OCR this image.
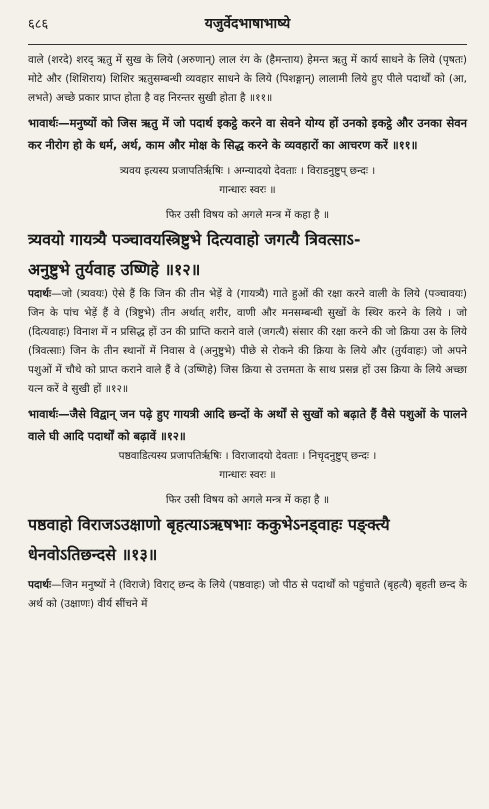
६८६	यजुर्वेदभाषाभाष्ये

वाले (शरदे) शरद् ऋतु में सुख के लिये (अरुणान्) लाल रंग के (हैमन्ताय) हेमन्त ऋतु में कार्य साधने के लिये (पृषतः) मोटे और (शिशिराय) शिशिर ऋतुसम्बन्धी व्यवहार साधने के लिये (पिशङ्गान्) लालामी लिये हुए पीले पदार्थों को (आ, लभते) अच्छे प्रकार प्राप्त होता है वह निरन्तर सुखी होता है ॥११॥

भावार्थः—मनुष्यों को जिस ऋतु में जो पदार्थ इकट्ठे करने वा सेवने योग्य हों उनको इकट्ठे और उनका सेवन कर नीरोग हो के धर्म, अर्थ, काम और मोक्ष के सिद्ध करने के व्यवहारों का आचरण करें ॥११॥

त्र्यवय इत्यस्य प्रजापतिर्ऋषिः । अग्न्यादयो देवताः । विराडनुष्टुप् छन्दः ।
गान्धारः स्वरः ॥
फिर उसी विषय को अगले मन्त्र में कहा है ॥
त्र्यवयो गायत्र्यै पञ्चावयस्त्रिष्टुभे दित्यवाहो जगत्यै त्रिवत्साऽ-
अनुष्टुभे तुर्यवाह उष्णिहे ॥१२॥

पदार्थः—जो (त्र्यवयः) ऐसे हैं कि जिन की तीन भेड़ें वे (गायत्र्यै) गाते हुओं की रक्षा करने वाली के लिये (पञ्चावयः) जिन के पांच भेड़ें हैं वे (त्रिष्टुभे) तीन अर्थात् शरीर, वाणी और मनसम्बन्धी सुखों के स्थिर करने के लिये । जो (दित्यवाहः) विनाश में न प्रसिद्ध हों उन की प्राप्ति कराने वाले (जगत्यै) संसार की रक्षा करने की जो क्रिया उस के लिये (त्रिवत्साः) जिन के तीन स्थानों में निवास वे (अनुष्टुभे) पीछे से रोकने की क्रिया के लिये और (तुर्यवाहः) जो अपने पशुओं में चौथे को प्राप्त कराने वाले हैं वे (उष्णिहे) जिस क्रिया से उत्तमता के साथ प्रसन्न हों उस क्रिया के लिये अच्छा यत्न करें वे सुखी हों ॥१२॥

भावार्थः—जैसे विद्वान् जन पढ़े हुए गायत्री आदि छन्दों के अर्थों से सुखों को बढ़ाते हैं वैसे पशुओं के पालने वाले घी आदि पदार्थों को बढ़ावें ॥१२॥

पष्ठवाडित्यस्य प्रजापतिर्ऋषिः । विराजादयो देवताः । निचृदनुष्टुप् छन्दः ।
गान्धारः स्वरः ॥
फिर उसी विषय को अगले मन्त्र में कहा है ॥
पष्ठवाहो विराजऽउक्षाणो बृहत्याऽऋषभाः ककुभेऽनड्वाहः पङ्क्त्यै
धेनवोऽतिछन्दसे ॥१३॥

पदार्थः—जिन मनुष्यों ने (विराजे) विराट् छन्द के लिये (पष्ठवाहः) जो पीठ से पदार्थों को पहुंचाते (बृहत्यै) बृहती छन्द के अर्थ को (उक्षाणः) वीर्य सींचने में
